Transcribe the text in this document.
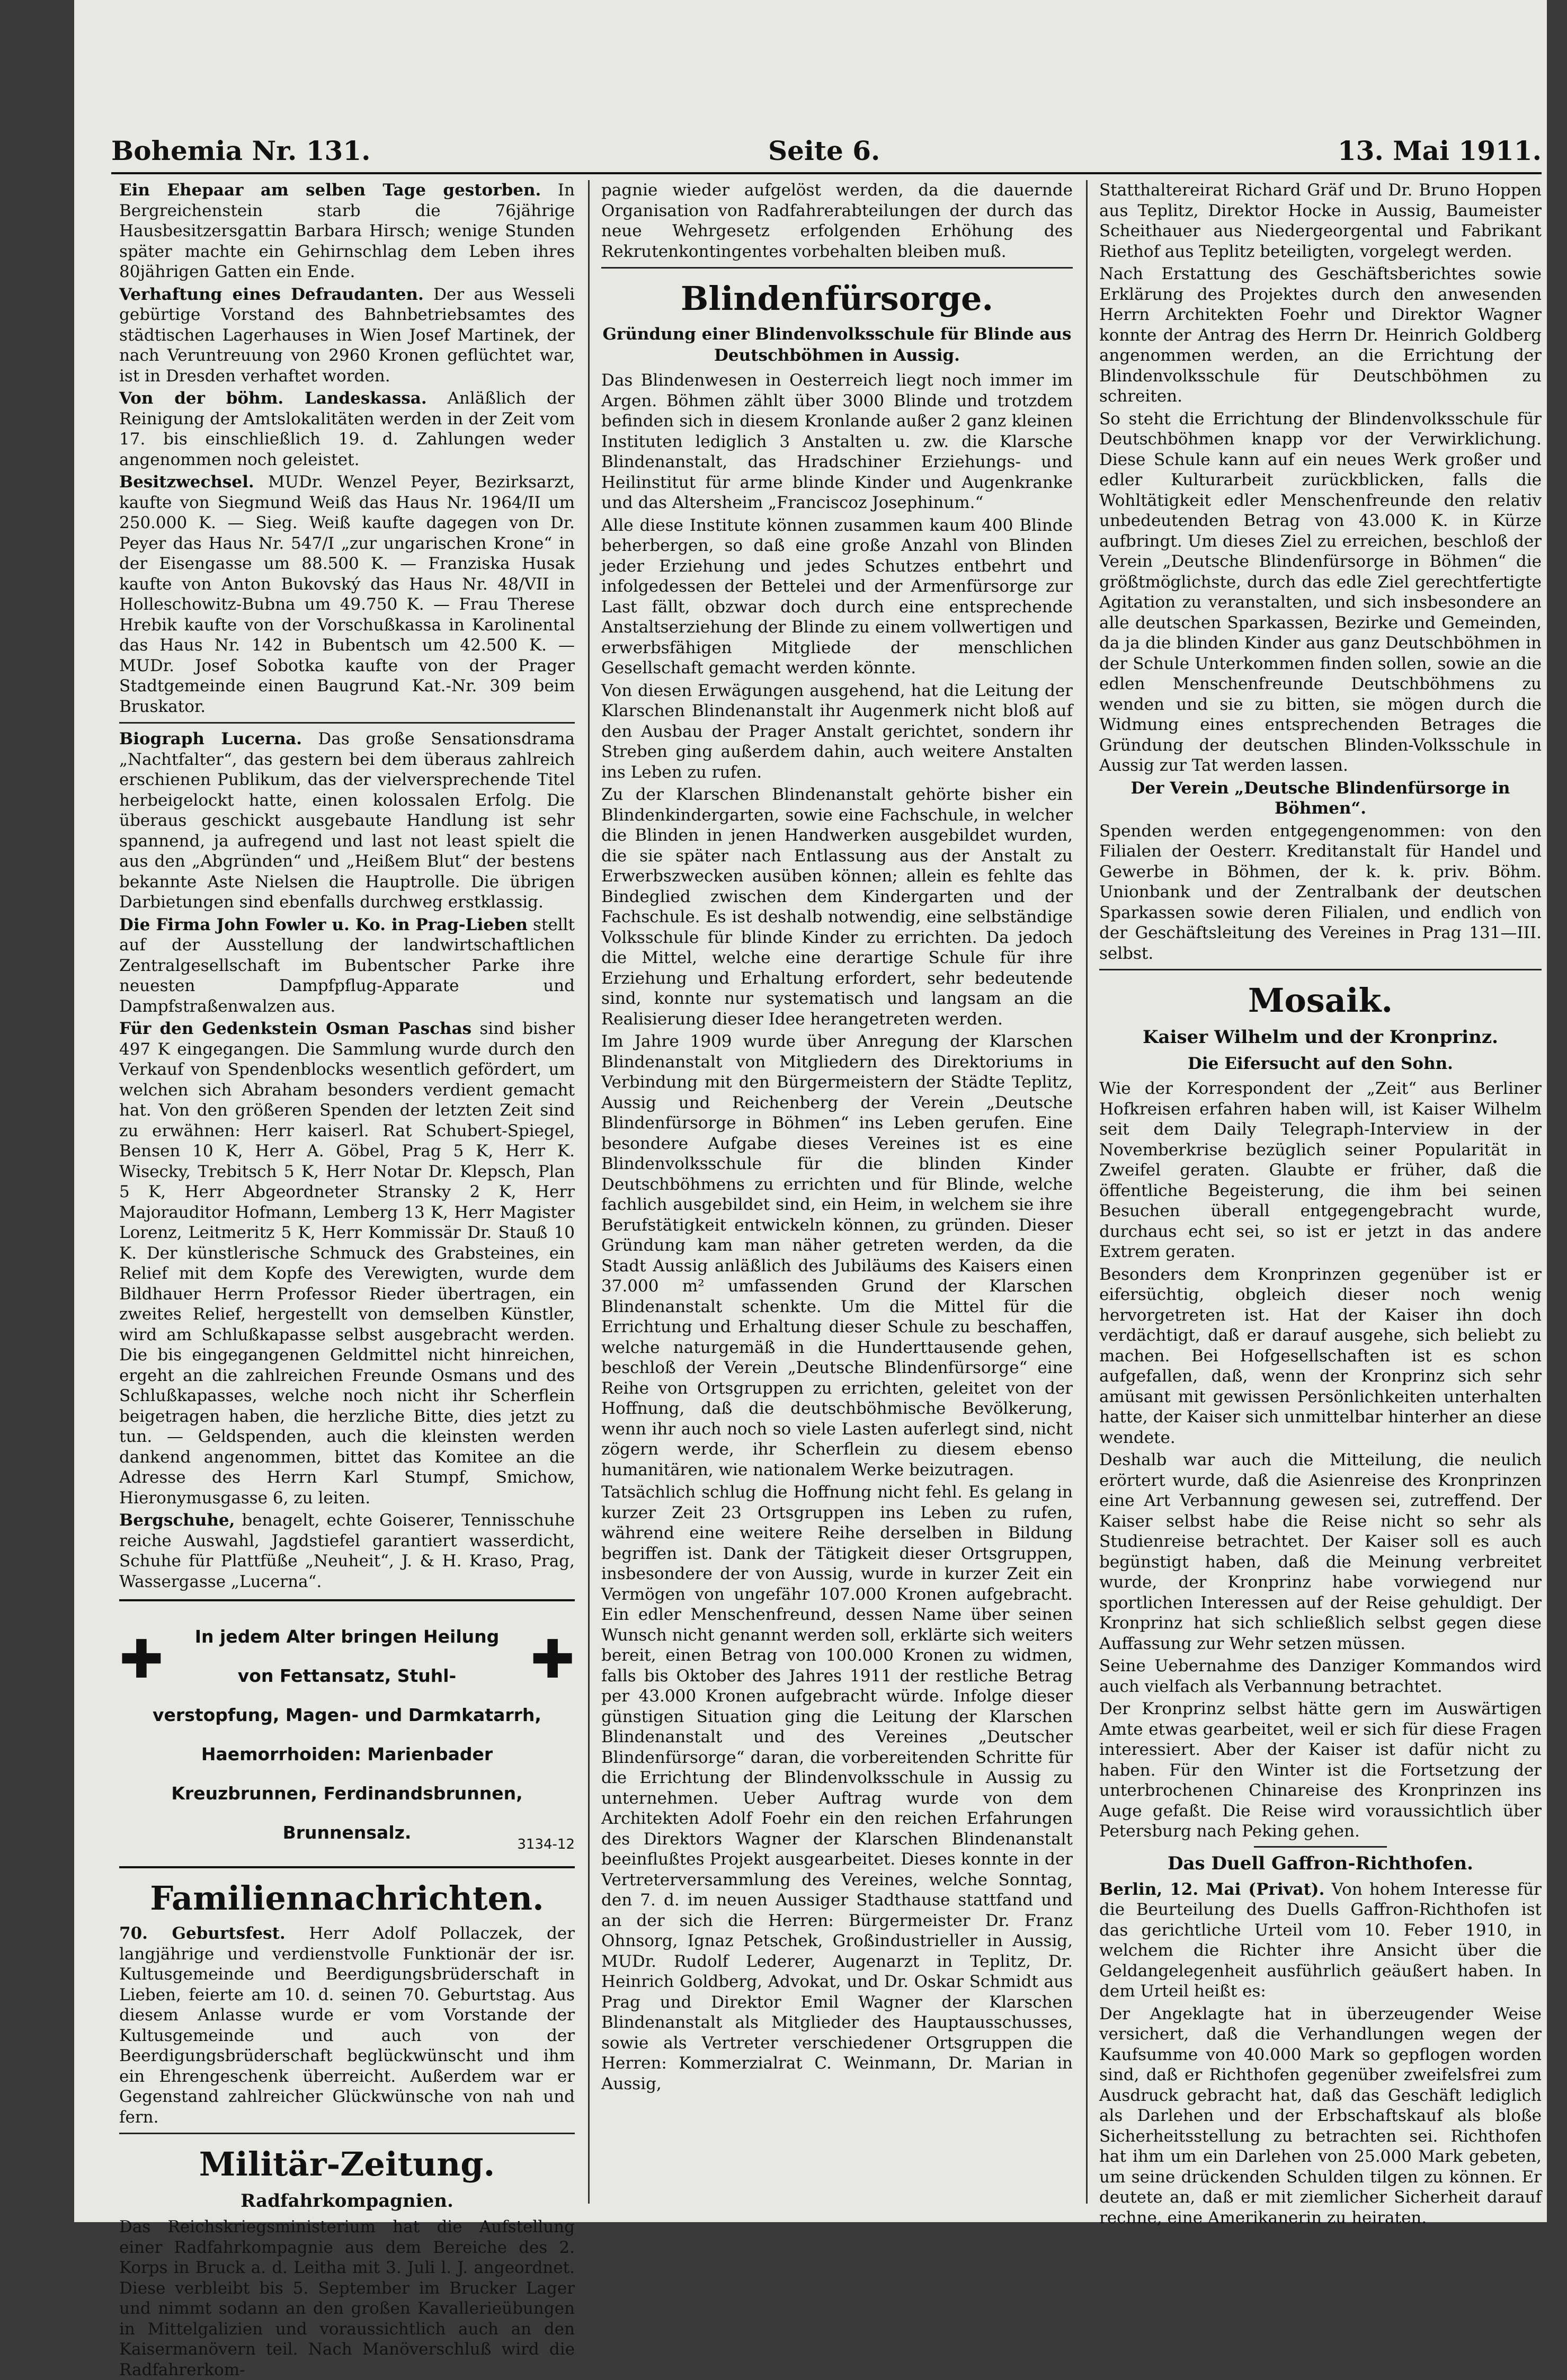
Bohemia Nr. 131.	Seite 6.	13. Mai 1911.

Ein Ehepaar am selben Tage gestorben. In Bergreichenstein starb die 76jährige Hausbesitzersgattin Barbara Hirsch; wenige Stunden später machte ein Gehirnschlag dem Leben ihres 80jährigen Gatten ein Ende.

Verhaftung eines Defraudanten. Der aus Wesseli gebürtige Vorstand des Bahnbetriebsamtes des städtischen Lagerhauses in Wien Josef Martinek, der nach Veruntreuung von 2960 Kronen geflüchtet war, ist in Dresden verhaftet worden.

Von der böhm. Landeskassa. Anläßlich der Reinigung der Amtslokalitäten werden in der Zeit vom 17. bis einschließlich 19. d. Zahlungen weder angenommen noch geleistet.

Besitzwechsel. MUDr. Wenzel Peyer, Bezirksarzt, kaufte von Siegmund Weiß das Haus Nr. 1964/II um 250.000 K. — Sieg. Weiß kaufte dagegen von Dr. Peyer das Haus Nr. 547/I „zur ungarischen Krone“ in der Eisengasse um 88.500 K. — Franziska Husak kaufte von Anton Bukovský das Haus Nr. 48/VII in Holleschowitz-Bubna um 49.750 K. — Frau Therese Hrebik kaufte von der Vorschußkassa in Karolinental das Haus Nr. 142 in Bubentsch um 42.500 K. — MUDr. Josef Sobotka kaufte von der Prager Stadtgemeinde einen Baugrund Kat.-Nr. 309 beim Bruskator.

Biograph Lucerna. Das große Sensationsdrama „Nachtfalter“, das gestern bei dem überaus zahlreich erschienen Publikum, das der vielversprechende Titel herbeigelockt hatte, einen kolossalen Erfolg. Die überaus geschickt ausgebaute Handlung ist sehr spannend, ja aufregend und last not least spielt die aus den „Abgründen“ und „Heißem Blut“ der bestens bekannte Aste Nielsen die Hauptrolle. Die übrigen Darbietungen sind ebenfalls durchweg erstklassig.

Die Firma John Fowler u. Ko. in Prag-Lieben stellt auf der Ausstellung der landwirtschaftlichen Zentralgesellschaft im Bubentscher Parke ihre neuesten Dampfpflug-Apparate und Dampfstraßenwalzen aus.

Für den Gedenkstein Osman Paschas sind bisher 497 K eingegangen. Die Sammlung wurde durch den Verkauf von Spendenblocks wesentlich gefördert, um welchen sich Abraham besonders verdient gemacht hat. Von den größeren Spenden der letzten Zeit sind zu erwähnen: Herr kaiserl. Rat Schubert-Spiegel, Bensen 10 K, Herr A. Göbel, Prag 5 K, Herr K. Wisecky, Trebitsch 5 K, Herr Notar Dr. Klepsch, Plan 5 K, Herr Abgeordneter Stransky 2 K, Herr Majorauditor Hofmann, Lemberg 13 K, Herr Magister Lorenz, Leitmeritz 5 K, Herr Kommissär Dr. Stauß 10 K. Der künstlerische Schmuck des Grabsteines, ein Relief mit dem Kopfe des Verewigten, wurde dem Bildhauer Herrn Professor Rieder übertragen, ein zweites Relief, hergestellt von demselben Künstler, wird am Schlußkapasse selbst ausgebracht werden. Die bis eingegangenen Geldmittel nicht hinreichen, ergeht an die zahlreichen Freunde Osmans und des Schlußkapasses, welche noch nicht ihr Scherflein beigetragen haben, die herzliche Bitte, dies jetzt zu tun. — Geldspenden, auch die kleinsten werden dankend angenommen, bittet das Komitee an die Adresse des Herrn Karl Stumpf, Smichow, Hieronymusgasse 6, zu leiten.

Bergschuhe, benagelt, echte Goiserer, Tennisschuhe reiche Auswahl, Jagdstiefel garantiert wasserdicht, Schuhe für Plattfüße „Neuheit“, J. & H. Kraso, Prag, Wassergasse „Lucerna“.

✚	✚
In jedem Alter bringen Heilung
von Fettansatz, Stuhl-
verstopfung, Magen- und Darmkatarrh,
Haemorrhoiden: Marienbader
Kreuzbrunnen, Ferdinandsbrunnen,
Brunnensalz.
3134-12
Familiennachrichten.

70. Geburtsfest. Herr Adolf Pollaczek, der langjährige und verdienstvolle Funktionär der isr. Kultusgemeinde und Beerdigungsbrüderschaft in Lieben, feierte am 10. d. seinen 70. Geburtstag. Aus diesem Anlasse wurde er vom Vorstande der Kultusgemeinde und auch von der Beerdigungsbrüderschaft beglückwünscht und ihm ein Ehrengeschenk überreicht. Außerdem war er Gegenstand zahlreicher Glückwünsche von nah und fern.

Militär-Zeitung.
Radfahrkompagnien.

Das Reichskriegsministerium hat die Aufstellung einer Radfahrkompagnie aus dem Bereiche des 2. Korps in Bruck a. d. Leitha mit 3. Juli l. J. angeordnet. Diese verbleibt bis 5. September im Brucker Lager und nimmt sodann an den großen Kavallerieübungen in Mittelgalizien und voraussichtlich auch an den Kaisermanövern teil. Nach Manöverschluß wird die Radfahrerkom-

pagnie wieder aufgelöst werden, da die dauernde Organisation von Radfahrerabteilungen der durch das neue Wehrgesetz erfolgenden Erhöhung des Rekrutenkontingentes vorbehalten bleiben muß.

Blindenfürsorge.
Gründung einer Blindenvolksschule für Blinde aus Deutschböhmen in Aussig.

Das Blindenwesen in Oesterreich liegt noch immer im Argen. Böhmen zählt über 3000 Blinde und trotzdem befinden sich in diesem Kronlande außer 2 ganz kleinen Instituten lediglich 3 Anstalten u. zw. die Klarsche Blindenanstalt, das Hradschiner Erziehungs- und Heilinstitut für arme blinde Kinder und Augenkranke und das Altersheim „Franciscoz Josephinum.“

Alle diese Institute können zusammen kaum 400 Blinde beherbergen, so daß eine große Anzahl von Blinden jeder Erziehung und jedes Schutzes entbehrt und infolgedessen der Bettelei und der Armenfürsorge zur Last fällt, obzwar doch durch eine entsprechende Anstaltserziehung der Blinde zu einem vollwertigen und erwerbsfähigen Mitgliede der menschlichen Gesellschaft gemacht werden könnte.

Von diesen Erwägungen ausgehend, hat die Leitung der Klarschen Blindenanstalt ihr Augenmerk nicht bloß auf den Ausbau der Prager Anstalt gerichtet, sondern ihr Streben ging außerdem dahin, auch weitere Anstalten ins Leben zu rufen.

Zu der Klarschen Blindenanstalt gehörte bisher ein Blindenkindergarten, sowie eine Fachschule, in welcher die Blinden in jenen Handwerken ausgebildet wurden, die sie später nach Entlassung aus der Anstalt zu Erwerbszwecken ausüben können; allein es fehlte das Bindeglied zwischen dem Kindergarten und der Fachschule. Es ist deshalb notwendig, eine selbständige Volksschule für blinde Kinder zu errichten. Da jedoch die Mittel, welche eine derartige Schule für ihre Erziehung und Erhaltung erfordert, sehr bedeutende sind, konnte nur systematisch und langsam an die Realisierung dieser Idee herangetreten werden.

Im Jahre 1909 wurde über Anregung der Klarschen Blindenanstalt von Mitgliedern des Direktoriums in Verbindung mit den Bürgermeistern der Städte Teplitz, Aussig und Reichenberg der Verein „Deutsche Blindenfürsorge in Böhmen“ ins Leben gerufen. Eine besondere Aufgabe dieses Vereines ist es eine Blindenvolksschule für die blinden Kinder Deutschböhmens zu errichten und für Blinde, welche fachlich ausgebildet sind, ein Heim, in welchem sie ihre Berufstätigkeit entwickeln können, zu gründen. Dieser Gründung kam man näher getreten werden, da die Stadt Aussig anläßlich des Jubiläums des Kaisers einen 37.000 m² umfassenden Grund der Klarschen Blindenanstalt schenkte. Um die Mittel für die Errichtung und Erhaltung dieser Schule zu beschaffen, welche naturgemäß in die Hunderttausende gehen, beschloß der Verein „Deutsche Blindenfürsorge“ eine Reihe von Ortsgruppen zu errichten, geleitet von der Hoffnung, daß die deutschböhmische Bevölkerung, wenn ihr auch noch so viele Lasten auferlegt sind, nicht zögern werde, ihr Scherflein zu diesem ebenso humanitären, wie nationalem Werke beizutragen.

Tatsächlich schlug die Hoffnung nicht fehl. Es gelang in kurzer Zeit 23 Ortsgruppen ins Leben zu rufen, während eine weitere Reihe derselben in Bildung begriffen ist. Dank der Tätigkeit dieser Ortsgruppen, insbesondere der von Aussig, wurde in kurzer Zeit ein Vermögen von ungefähr 107.000 Kronen aufgebracht. Ein edler Menschenfreund, dessen Name über seinen Wunsch nicht genannt werden soll, erklärte sich weiters bereit, einen Betrag von 100.000 Kronen zu widmen, falls bis Oktober des Jahres 1911 der restliche Betrag per 43.000 Kronen aufgebracht würde. Infolge dieser günstigen Situation ging die Leitung der Klarschen Blindenanstalt und des Vereines „Deutscher Blindenfürsorge“ daran, die vorbereitenden Schritte für die Errichtung der Blindenvolksschule in Aussig zu unternehmen. Ueber Auftrag wurde von dem Architekten Adolf Foehr ein den reichen Erfahrungen des Direktors Wagner der Klarschen Blindenanstalt beeinflußtes Projekt ausgearbeitet. Dieses konnte in der Vertreterversammlung des Vereines, welche Sonntag, den 7. d. im neuen Aussiger Stadthause stattfand und an der sich die Herren: Bürgermeister Dr. Franz Ohnsorg, Ignaz Petschek, Großindustrieller in Aussig, MUDr. Rudolf Lederer, Augenarzt in Teplitz, Dr. Heinrich Goldberg, Advokat, und Dr. Oskar Schmidt aus Prag und Direktor Emil Wagner der Klarschen Blindenanstalt als Mitglieder des Hauptausschusses, sowie als Vertreter verschiedener Ortsgruppen die Herren: Kommerzialrat C. Weinmann, Dr. Marian in Aussig,

Statthaltereirat Richard Gräf und Dr. Bruno Hoppen aus Teplitz, Direktor Hocke in Aussig, Baumeister Scheithauer aus Niedergeorgental und Fabrikant Riethof aus Teplitz beteiligten, vorgelegt werden.

Nach Erstattung des Geschäftsberichtes sowie Erklärung des Projektes durch den anwesenden Herrn Architekten Foehr und Direktor Wagner konnte der Antrag des Herrn Dr. Heinrich Goldberg angenommen werden, an die Errichtung der Blindenvolksschule für Deutschböhmen zu schreiten.

So steht die Errichtung der Blindenvolksschule für Deutschböhmen knapp vor der Verwirklichung. Diese Schule kann auf ein neues Werk großer und edler Kulturarbeit zurückblicken, falls die Wohltätigkeit edler Menschenfreunde den relativ unbedeutenden Betrag von 43.000 K. in Kürze aufbringt. Um dieses Ziel zu erreichen, beschloß der Verein „Deutsche Blindenfürsorge in Böhmen“ die größtmöglichste, durch das edle Ziel gerechtfertigte Agitation zu veranstalten, und sich insbesondere an alle deutschen Sparkassen, Bezirke und Gemeinden, da ja die blinden Kinder aus ganz Deutschböhmen in der Schule Unterkommen finden sollen, sowie an die edlen Menschenfreunde Deutschböhmens zu wenden und sie zu bitten, sie mögen durch die Widmung eines entsprechenden Betrages die Gründung der deutschen Blinden-Volksschule in Aussig zur Tat werden lassen.

Der Verein „Deutsche Blindenfürsorge in Böhmen“.

Spenden werden entgegengenommen: von den Filialen der Oesterr. Kreditanstalt für Handel und Gewerbe in Böhmen, der k. k. priv. Böhm. Unionbank und der Zentralbank der deutschen Sparkassen sowie deren Filialen, und endlich von der Geschäftsleitung des Vereines in Prag 131—III. selbst.

Mosaik.
Kaiser Wilhelm und der Kronprinz.
Die Eifersucht auf den Sohn.

Wie der Korrespondent der „Zeit“ aus Berliner Hofkreisen erfahren haben will, ist Kaiser Wilhelm seit dem Daily Telegraph-Interview in der Novemberkrise bezüglich seiner Popularität in Zweifel geraten. Glaubte er früher, daß die öffentliche Begeisterung, die ihm bei seinen Besuchen überall entgegengebracht wurde, durchaus echt sei, so ist er jetzt in das andere Extrem geraten.

Besonders dem Kronprinzen gegenüber ist er eifersüchtig, obgleich dieser noch wenig hervorgetreten ist. Hat der Kaiser ihn doch verdächtigt, daß er darauf ausgehe, sich beliebt zu machen. Bei Hofgesellschaften ist es schon aufgefallen, daß, wenn der Kronprinz sich sehr amüsant mit gewissen Persönlichkeiten unterhalten hatte, der Kaiser sich unmittelbar hinterher an diese wendete.

Deshalb war auch die Mitteilung, die neulich erörtert wurde, daß die Asienreise des Kronprinzen eine Art Verbannung gewesen sei, zutreffend. Der Kaiser selbst habe die Reise nicht so sehr als Studienreise betrachtet. Der Kaiser soll es auch begünstigt haben, daß die Meinung verbreitet wurde, der Kronprinz habe vorwiegend nur sportlichen Interessen auf der Reise gehuldigt. Der Kronprinz hat sich schließlich selbst gegen diese Auffassung zur Wehr setzen müssen.

Seine Uebernahme des Danziger Kommandos wird auch vielfach als Verbannung betrachtet.

Der Kronprinz selbst hätte gern im Auswärtigen Amte etwas gearbeitet, weil er sich für diese Fragen interessiert. Aber der Kaiser ist dafür nicht zu haben. Für den Winter ist die Fortsetzung der unterbrochenen Chinareise des Kronprinzen ins Auge gefaßt. Die Reise wird voraussichtlich über Petersburg nach Peking gehen.

Das Duell Gaffron-Richthofen.

Berlin, 12. Mai (Privat). Von hohem Interesse für die Beurteilung des Duells Gaffron-Richthofen ist das gerichtliche Urteil vom 10. Feber 1910, in welchem die Richter ihre Ansicht über die Geldangelegenheit ausführlich geäußert haben. In dem Urteil heißt es:

Der Angeklagte hat in überzeugender Weise versichert, daß die Verhandlungen wegen der Kaufsumme von 40.000 Mark so gepflogen worden sind, daß er Richthofen gegenüber zweifelsfrei zum Ausdruck gebracht hat, daß das Geschäft lediglich als Darlehen und der Erbschaftskauf als bloße Sicherheitsstellung zu betrachten sei. Richthofen hat ihm um ein Darlehen von 25.000 Mark gebeten, um seine drückenden Schulden tilgen zu können. Er deutete an, daß er mit ziemlicher Sicherheit darauf rechne, eine Amerikanerin zu heiraten.
